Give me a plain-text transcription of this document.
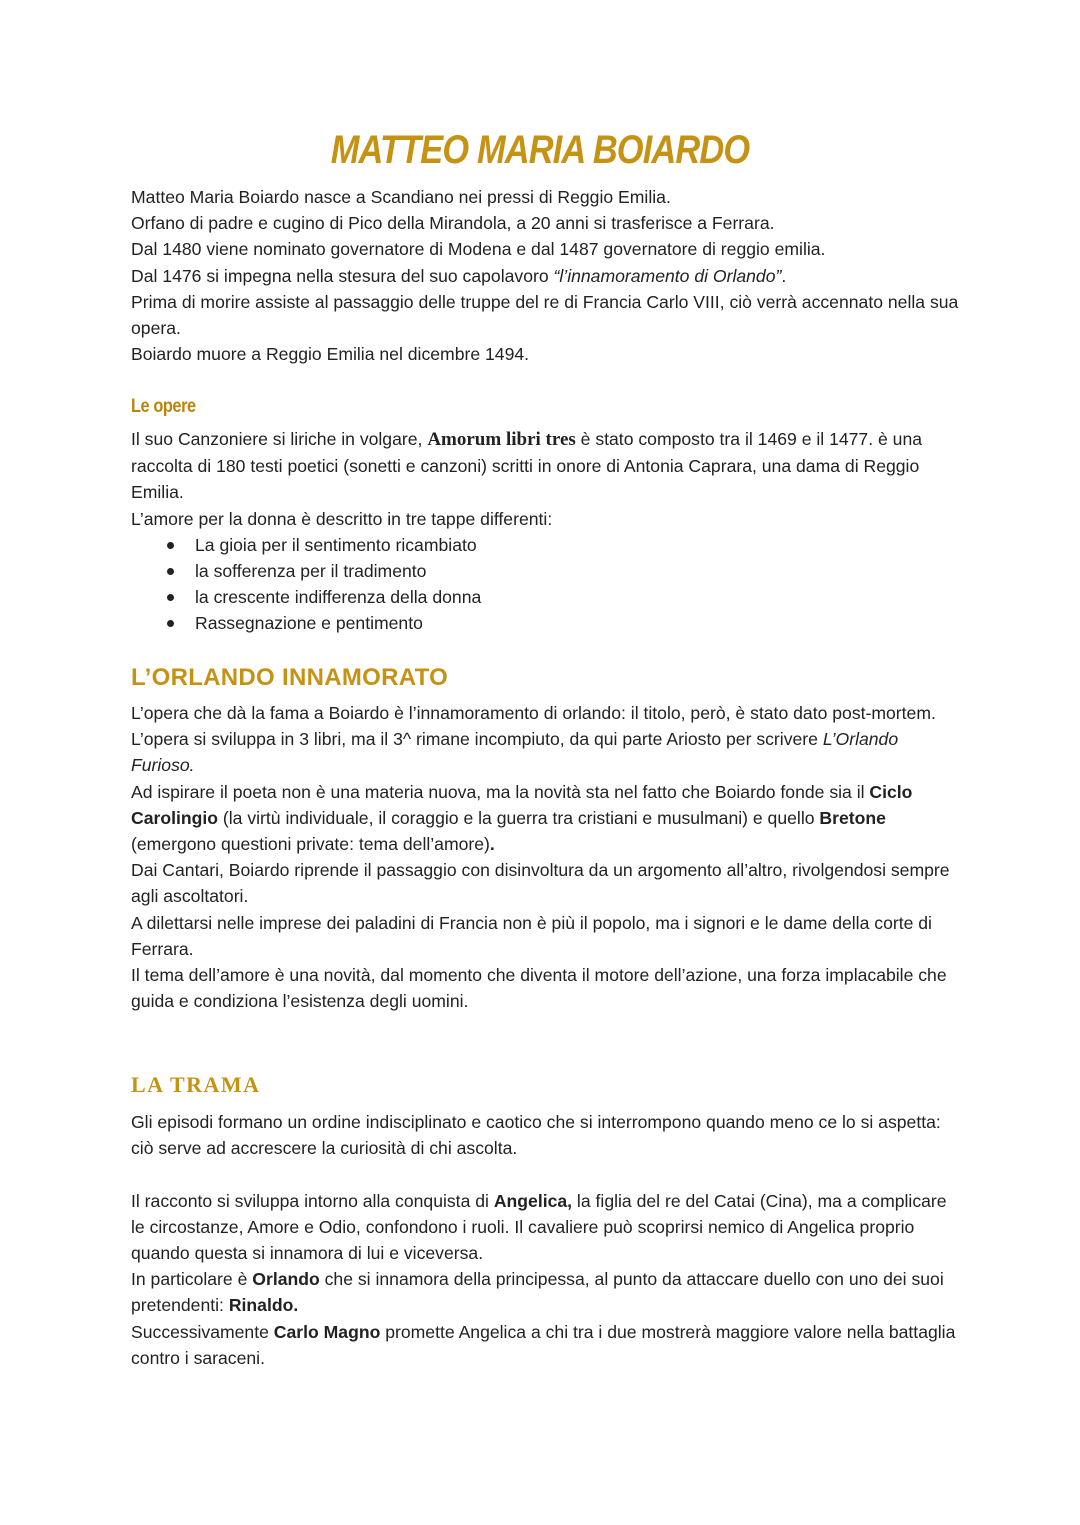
MATTEO MARIA BOIARDO

Matteo Maria Boiardo nasce a Scandiano nei pressi di Reggio Emilia.

Orfano di padre e cugino di Pico della Mirandola, a 20 anni si trasferisce a Ferrara.

Dal 1480 viene nominato governatore di Modena e dal 1487 governatore di reggio emilia.

Dal 1476 si impegna nella stesura del suo capolavoro “l’innamoramento di Orlando”.

Prima di morire assiste al passaggio delle truppe del re di Francia Carlo VIII, ciò verrà accennato nella sua opera.

Boiardo muore a Reggio Emilia nel dicembre 1494.

Le opere

Il suo Canzoniere si liriche in volgare, Amorum libri tres è stato composto tra il 1469 e il 1477. è una raccolta di 180 testi poetici (sonetti e canzoni) scritti in onore di Antonia Caprara, una dama di Reggio Emilia.

L’amore per la donna è descritto in tre tappe differenti:

La gioia per il sentimento ricambiato
la sofferenza per il tradimento
la crescente indifferenza della donna
Rassegnazione e pentimento
L’ORLANDO INNAMORATO

L’opera che dà la fama a Boiardo è l’innamoramento di orlando: il titolo, però, è stato dato post-mortem.

L’opera si sviluppa in 3 libri, ma il 3^ rimane incompiuto, da qui parte Ariosto per scrivere L’Orlando Furioso.

Ad ispirare il poeta non è una materia nuova, ma la novità sta nel fatto che Boiardo fonde sia il Ciclo Carolingio (la virtù individuale, il coraggio e la guerra tra cristiani e musulmani) e quello Bretone (emergono questioni private: tema dell’amore).

Dai Cantari, Boiardo riprende il passaggio con disinvoltura da un argomento all’altro, rivolgendosi sempre agli ascoltatori.

A dilettarsi nelle imprese dei paladini di Francia non è più il popolo, ma i signori e le dame della corte di Ferrara.

Il tema dell’amore è una novità, dal momento che diventa il motore dell’azione, una forza implacabile che guida e condiziona l’esistenza degli uomini.

LA TRAMA

Gli episodi formano un ordine indisciplinato e caotico che si interrompono quando meno ce lo si aspetta: ciò serve ad accrescere la curiosità di chi ascolta.

Il racconto si sviluppa intorno alla conquista di Angelica, la figlia del re del Catai (Cina), ma a complicare le circostanze, Amore e Odio, confondono i ruoli. Il cavaliere può scoprirsi nemico di Angelica proprio quando questa si innamora di lui e viceversa.

In particolare è Orlando che si innamora della principessa, al punto da attaccare duello con uno dei suoi pretendenti: Rinaldo.

Successivamente Carlo Magno promette Angelica a chi tra i due mostrerà maggiore valore nella battaglia contro i saraceni.
